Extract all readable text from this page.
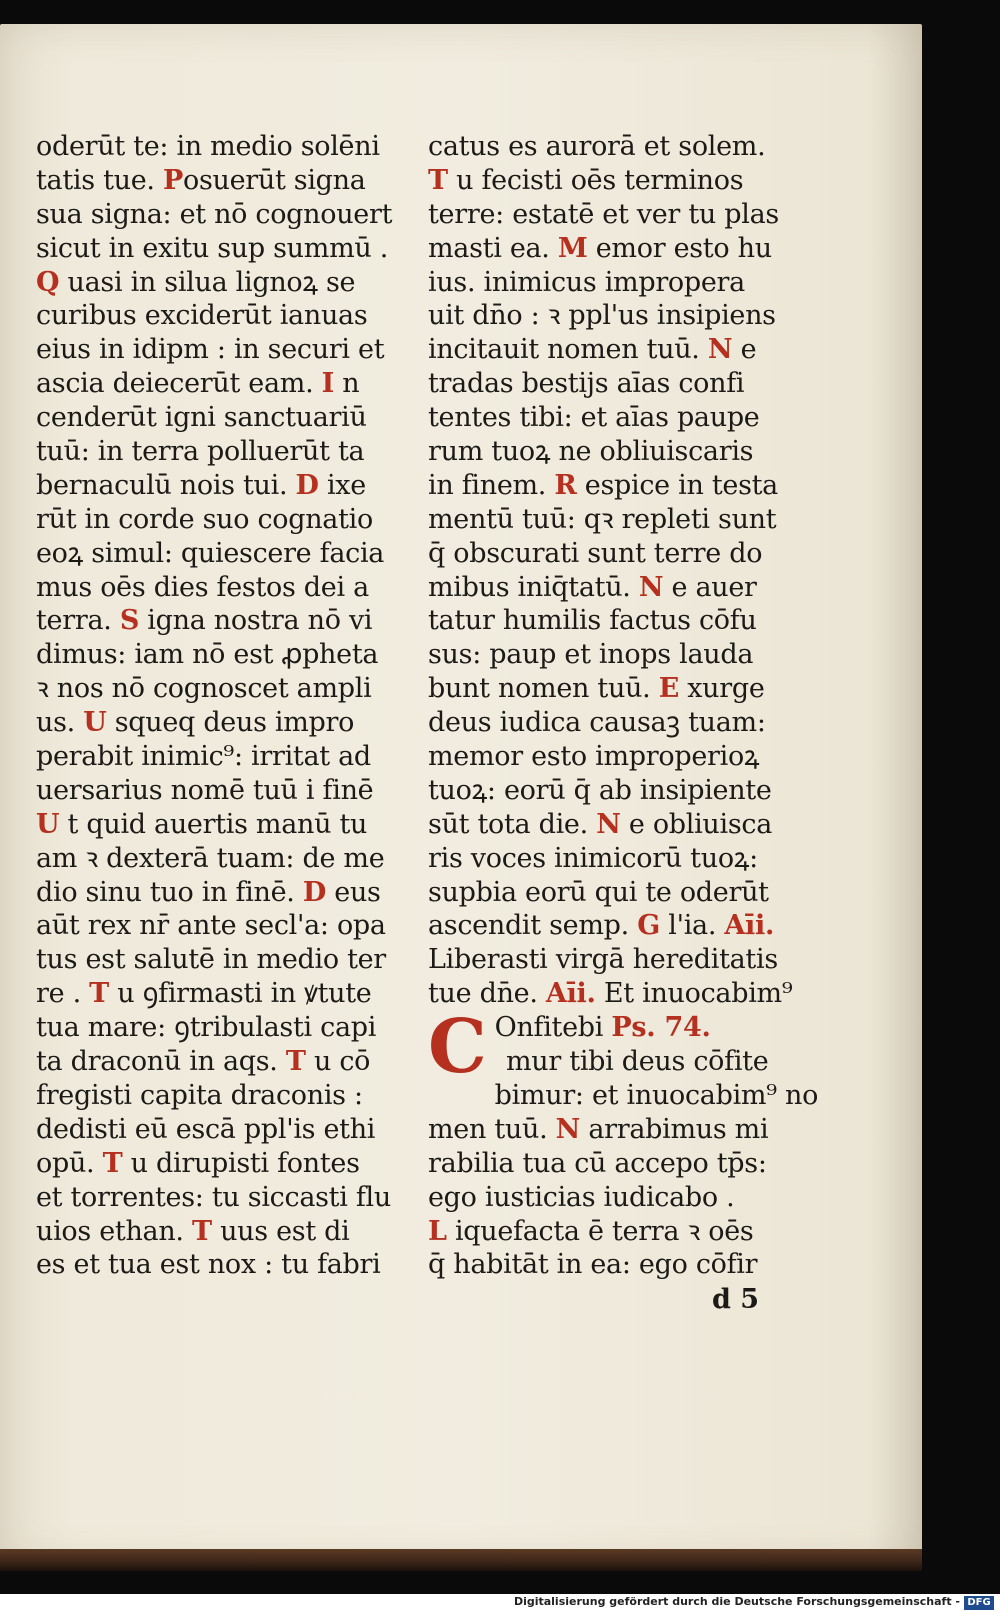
oderūt te: in medio solēni
tatis tue. Posuerūt signa
sua signa: et nō cognouert
sicut in exitu sup summū .
Q uasi in silua lignoꝝ se
curibus exciderūt ianuas
eius in idipm : in securi et
ascia deiecerūt eam. I n
cenderūt igni sanctuariū
tuū: in terra polluerūt ta
bernaculū nois tui. D ixe
rūt in corde suo cognatio
eoꝝ simul: quiescere facia
mus oēs dies festos dei a
terra. S igna nostra nō vi
dimus: iam nō est ꝓpheta
ꝛ nos nō cognoscet ampli
us. U squeq deus impro
perabit inimic⁹: irritat ad
uersarius nomē tuū i finē
U t quid auertis manū tu
am ꝛ dexterā tuam: de me
dio sinu tuo in finē. D eus
aūt rex nr̄ ante secl'a: opa
tus est salutē in medio ter
re . T u ꝯfirmasti in ꝟtute
tua mare: ꝯtribulasti capi
ta draconū in aqs. T u cō
fregisti capita draconis :
dedisti eū escā ppl'is ethi
opū. T u dirupisti fontes
et torrentes: tu siccasti flu
uios ethan. T uus est di
es et tua est nox : tu fabri
catus es aurorā et solem.
T u fecisti oēs terminos
terre: estatē et ver tu plas
masti ea. M emor esto hu
ius. inimicus impropera
uit dn̄o : ꝛ ppl'us insipiens
incitauit nomen tuū. N e
tradas bestijs aīas confi
tentes tibi: et aīas paupe
rum tuoꝝ ne obliuiscaris
in finem. R espice in testa
mentū tuū: qꝛ repleti sunt
q̄ obscurati sunt terre do
mibus iniq̄tatū. N e auer
tatur humilis factus cōfu
sus: paup et inops lauda
bunt nomen tuū. E xurge
deus iudica causaꝫ tuam:
memor esto improperioꝝ
tuoꝝ: eorū q̄ ab insipiente
sūt tota die. N e obliuisca
ris voces inimicorū tuoꝝ:
supbia eorū qui te oderūt
ascendit semp. G l'ia. Aīi.
Liberasti virgā hereditatis
tue dn̄e. Aīi. Et inuocabim⁹
C Onfitebi Ps. 74.
mur tibi deus cōfite
bimur: et inuocabim⁹ no
men tuū. N arrabimus mi
rabilia tua cū accepo tp̄s:
ego iusticias iudicabo .
L iquefacta ē terra ꝛ oēs
q̄ habitāt in ea: ego cōfir
d 5
Digitalisierung gefördert durch die Deutsche Forschungsgemeinschaft - DFG
